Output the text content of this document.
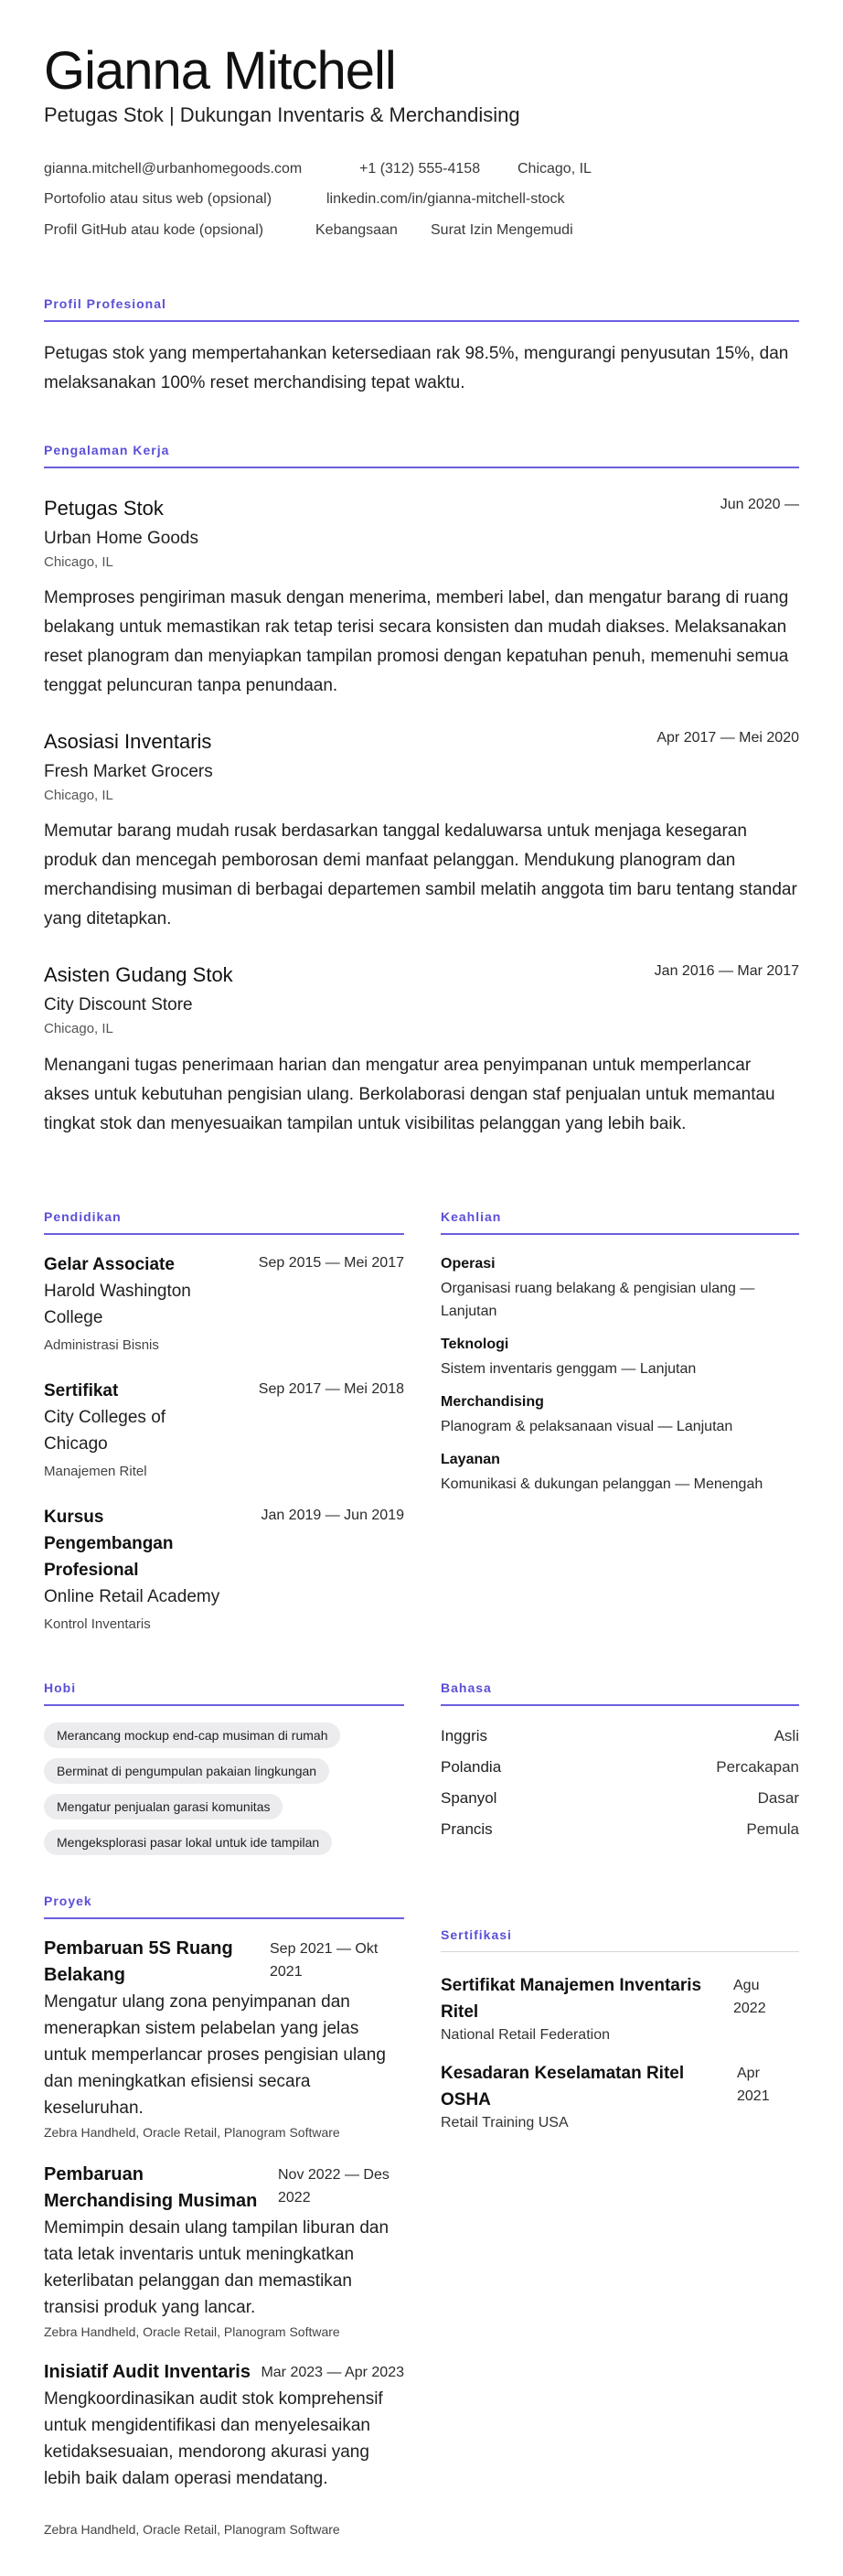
Gianna Mitchell
Petugas Stok | Dukungan Inventaris & Merchandising
gianna.mitchell@urbanhomegoods.com	+1 (312) 555-4158	Chicago, IL
Portofolio atau situs web (opsional)	linkedin.com/in/gianna-mitchell-stock
Profil GitHub atau kode (opsional)	Kebangsaan Surat Izin Mengemudi
Profil Profesional
Petugas stok yang mempertahankan ketersediaan rak 98.5%, mengurangi penyusutan 15%, dan melaksanakan 100% reset merchandising tepat waktu.
Pengalaman Kerja
Petugas Stok	Jun 2020 —
Urban Home Goods
Chicago, IL
Memproses pengiriman masuk dengan menerima, memberi label, dan mengatur barang di ruang belakang untuk memastikan rak tetap terisi secara konsisten dan mudah diakses. Melaksanakan reset planogram dan menyiapkan tampilan promosi dengan kepatuhan penuh, memenuhi semua tenggat peluncuran tanpa penundaan.
Asosiasi Inventaris	Apr 2017 — Mei 2020
Fresh Market Grocers
Chicago, IL
Memutar barang mudah rusak berdasarkan tanggal kedaluwarsa untuk menjaga kesegaran produk dan mencegah pemborosan demi manfaat pelanggan. Mendukung planogram dan merchandising musiman di berbagai departemen sambil melatih anggota tim baru tentang standar yang ditetapkan.
Asisten Gudang Stok	Jan 2016 — Mar 2017
City Discount Store
Chicago, IL
Menangani tugas penerimaan harian dan mengatur area penyimpanan untuk memperlancar akses untuk kebutuhan pengisian ulang. Berkolaborasi dengan staf penjualan untuk memantau tingkat stok dan menyesuaikan tampilan untuk visibilitas pelanggan yang lebih baik.
Pendidikan
Gelar Associate	Sep 2015 — Mei 2017
Harold Washington College
Administrasi Bisnis
Sertifikat	Sep 2017 — Mei 2018
City Colleges of Chicago
Manajemen Ritel
Kursus Pengembangan Profesional
Jan 2019 — Jun 2019
Online Retail Academy
Kontrol Inventaris
Keahlian
Operasi
Organisasi ruang belakang & pengisian ulang — Lanjutan
Teknologi
Sistem inventaris genggam — Lanjutan
Merchandising
Planogram & pelaksanaan visual — Lanjutan
Layanan
Komunikasi & dukungan pelanggan — Menengah
Hobi
Merancang mockup end-cap musiman di rumah
Berminat di pengumpulan pakaian lingkungan
Mengatur penjualan garasi komunitas
Mengeksplorasi pasar lokal untuk ide tampilan
Bahasa
Inggris	Asli
Polandia	Percakapan
Spanyol	Dasar
Prancis	Pemula
Proyek
Pembaruan 5S Ruang Belakang
Sep 2021 — Okt 2021
Mengatur ulang zona penyimpanan dan menerapkan sistem pelabelan yang jelas untuk memperlancar proses pengisian ulang dan meningkatkan efisiensi secara keseluruhan.
Zebra Handheld, Oracle Retail, Planogram Software
Pembaruan Merchandising Musiman
Nov 2022 — Des 2022
Memimpin desain ulang tampilan liburan dan tata letak inventaris untuk meningkatkan keterlibatan pelanggan dan memastikan transisi produk yang lancar.
Zebra Handheld, Oracle Retail, Planogram Software
Inisiatif Audit Inventaris Mar 2023 — Apr 2023
Mengkoordinasikan audit stok komprehensif untuk mengidentifikasi dan menyelesaikan ketidaksesuaian, mendorong akurasi yang lebih baik dalam operasi mendatang.
Zebra Handheld, Oracle Retail, Planogram Software
Sertifikasi
Sertifikat Manajemen Inventaris Ritel
Agu 2022
National Retail Federation
Kesadaran Keselamatan Ritel OSHA
Apr 2021
Retail Training USA
